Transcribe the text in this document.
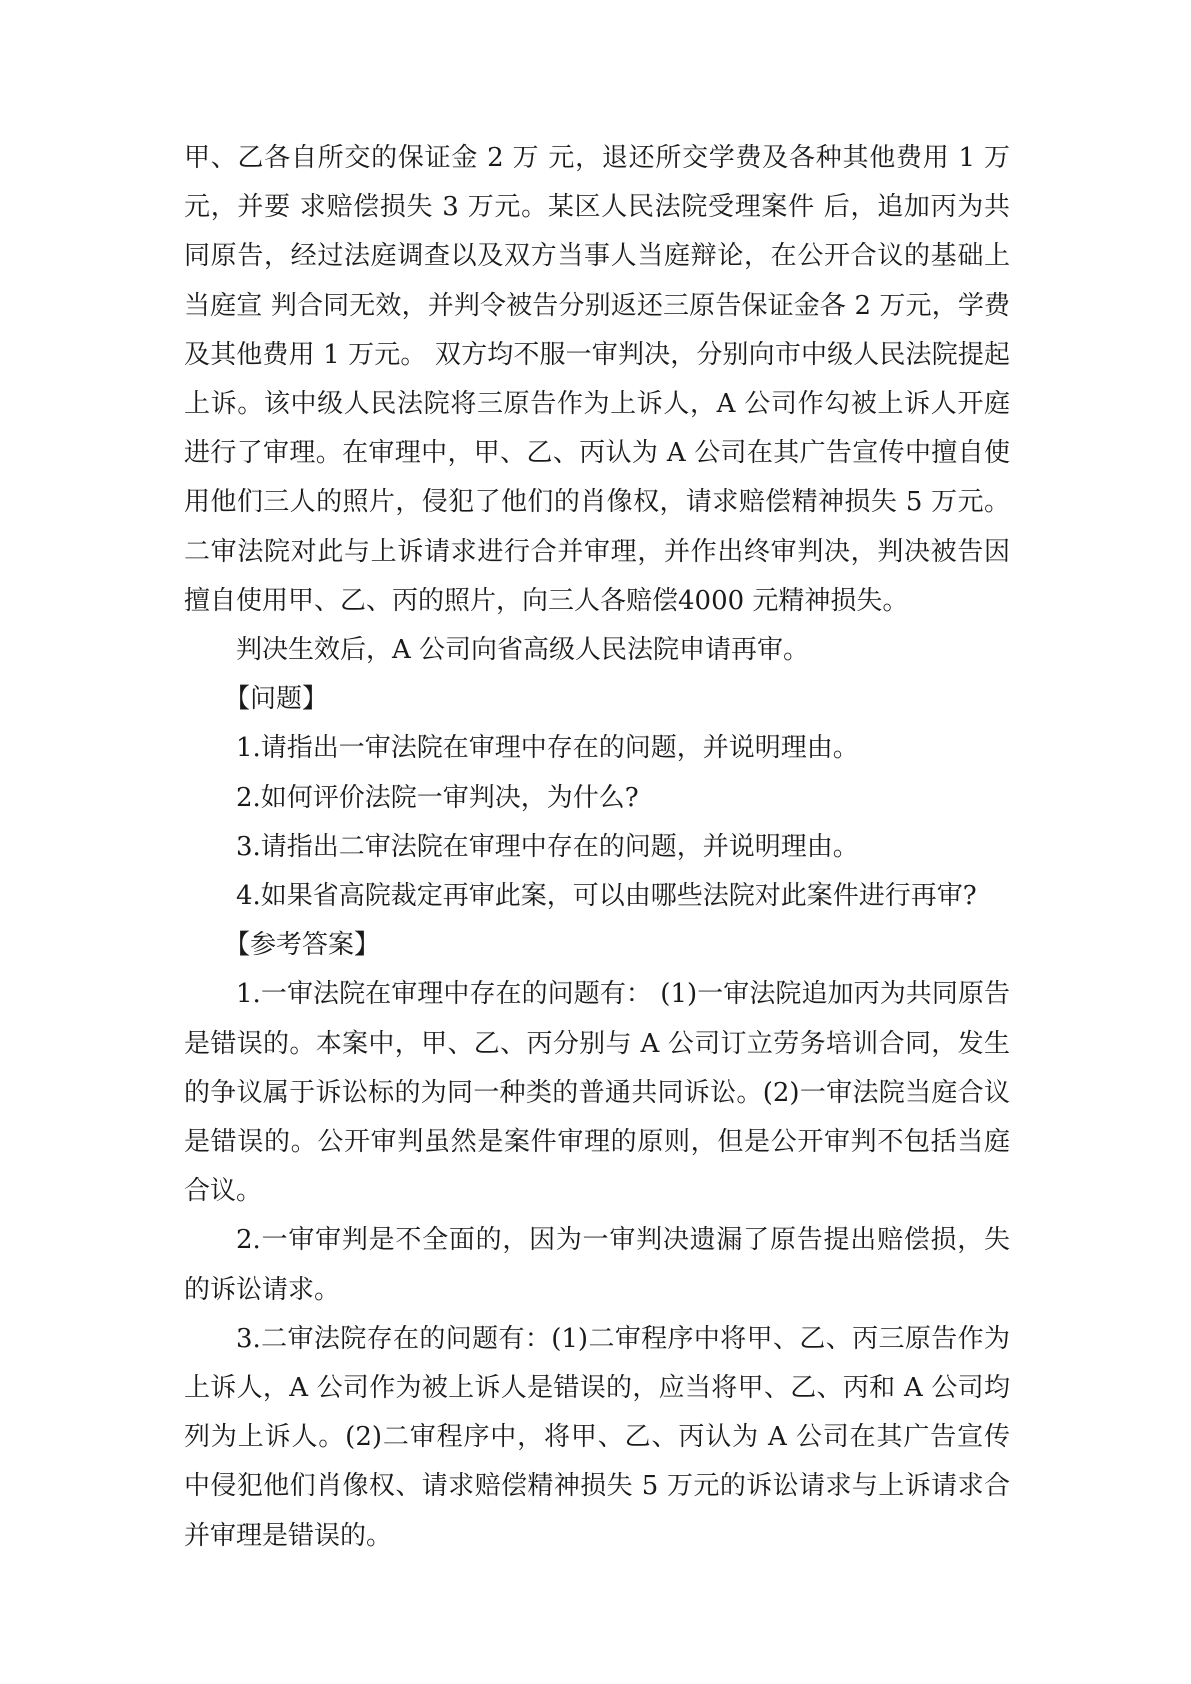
甲、乙各自所交的保证金 2 万 元，退还所交学费及各种其他费用 1 万元，并要 求赔偿损失 3 万元。某区人民法院受理案件 后，追加丙为共同原告，经过法庭调查以及双方当事人当庭辩论，在公开合议的基础上当庭宣 判合同无效，并判令被告分别返还三原告保证金各 2 万元，学费及其他费用 1 万元。 双方均不服一审判决，分别向市中级人民法院提起上诉。该中级人民法院将三原告作为上诉人，A 公司作勾被上诉人开庭进行了审理。在审理中，甲、乙、丙认为 A 公司在其广告宣传中擅自使用他们三人的照片，侵犯了他们的肖像权，请求赔偿精神损失 5 万元。二审法院对此与上诉请求进行合并审理，并作出终审判决，判决被告因擅自使用甲、乙、丙的照片，向三人各赔偿4000 元精神损失。

判决生效后，A 公司向省高级人民法院申请再审。

【问题】

1.请指出一审法院在审理中存在的问题，并说明理由。

2.如何评价法院一审判决，为什么?

3.请指出二审法院在审理中存在的问题，并说明理由。

4.如果省高院裁定再审此案，可以由哪些法院对此案件进行再审?

【参考答案】

1.一审法院在审理中存在的问题有： (1)一审法院追加丙为共同原告是错误的。本案中，甲、乙、丙分别与 A 公司订立劳务培训合同，发生的争议属于诉讼标的为同一种类的普通共同诉讼。(2)一审法院当庭合议是错误的。公开审判虽然是案件审理的原则，但是公开审判不包括当庭合议。

2.一审审判是不全面的，因为一审判决遗漏了原告提出赔偿损，失的诉讼请求。

3.二审法院存在的问题有：(1)二审程序中将甲、乙、丙三原告作为上诉人，A 公司作为被上诉人是错误的，应当将甲、乙、丙和 A 公司均列为上诉人。(2)二审程序中，将甲、乙、丙认为 A 公司在其广告宣传中侵犯他们肖像权、请求赔偿精神损失 5 万元的诉讼请求与上诉请求合并审理是错误的。
